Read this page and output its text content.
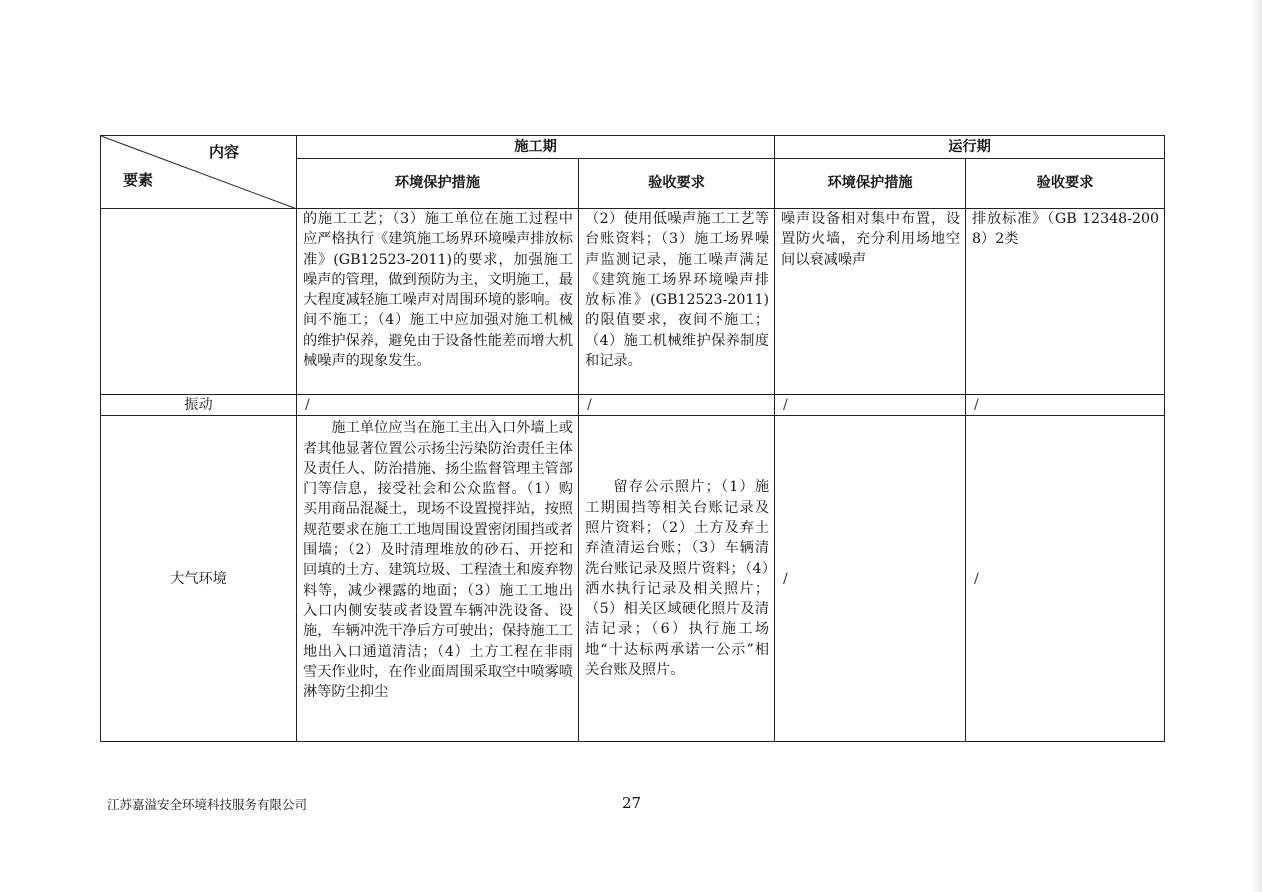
内容
要素	施工期		运行期	
	环境保护措施	验收要求	环境保护措施	验收要求

	的施工工艺；（3）施工单位在施工过程中应严格执行《建筑施工场界环境噪声排放标准》(GB12523-2011)的要求，加强施工噪声的管理，做到预防为主，文明施工，最大程度减轻施工噪声对周围环境的影响。夜间不施工；（4）施工中应加强对施工机械的维护保养，避免由于设备性能差而增大机械噪声的现象发生。	（2）使用低噪声施工工艺等台账资料；（3）施工场界噪声监测记录，施工噪声满足《建筑施工场界环境噪声排放标准》(GB12523-2011)的限值要求，夜间不施工；（4）施工机械维护保养制度和记录。	噪声设备相对集中布置，设置防火墙，充分利用场地空间以衰减噪声	排放标准》（GB 12348-2008）2类

振动	/	/	/	/

大气环境	施工单位应当在施工主出入口外墙上或者其他显著位置公示扬尘污染防治责任主体及责任人、防治措施、扬尘监督管理主管部门等信息，接受社会和公众监督。（1）购买用商品混凝土，现场不设置搅拌站，按照规范要求在施工工地周围设置密闭围挡或者围墙；（2）及时清理堆放的砂石、开挖和回填的土方、建筑垃圾、工程渣土和废弃物料等，减少裸露的地面；（3）施工工地出入口内侧安装或者设置车辆冲洗设备、设施，车辆冲洗干净后方可驶出；保持施工工地出入口通道清洁；（4）土方工程在非雨雪天作业时，在作业面周围采取空中喷雾喷淋等防尘抑尘	留存公示照片；（1）施工期围挡等相关台账记录及照片资料；（2）土方及弃土弃渣清运台账；（3）车辆清洗台账记录及照片资料；（4）洒水执行记录及相关照片；（5）相关区域硬化照片及清洁记录；（6）执行施工场地“十达标两承诺一公示”相关台账及照片。	/	/
江苏嘉溢安全环境科技服务有限公司	27
